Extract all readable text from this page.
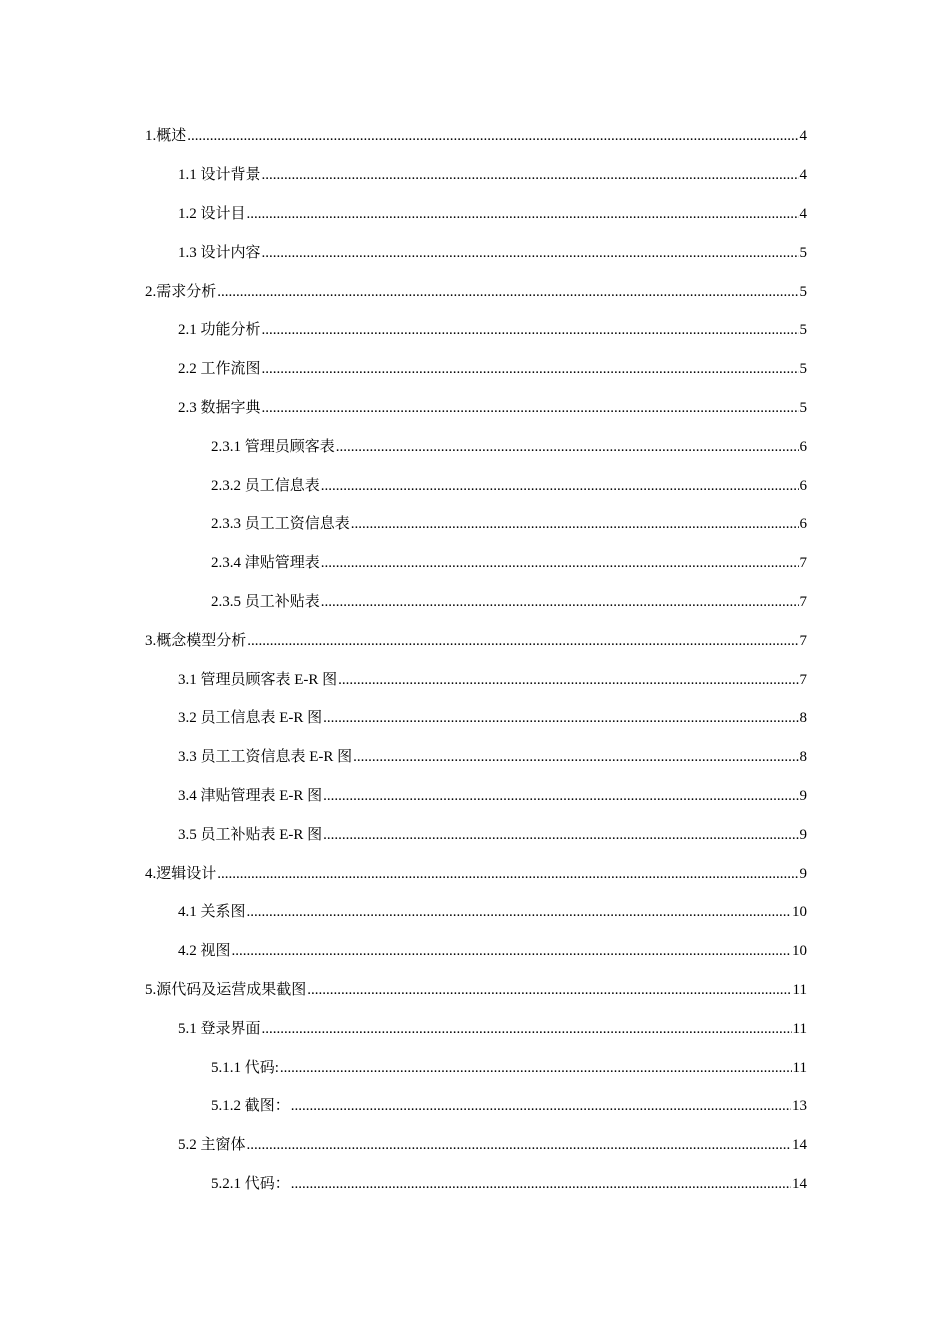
1.概述 .....	4
1.1 设计背景 .....	4
1.2 设计目 .....	4
1.3 设计内容 .....	5
2.需求分析 .....	5
2.1 功能分析 .....	5
2.2 工作流图 .....	5
2.3 数据字典 .....	5
2.3.1 管理员顾客表 .....	6
2.3.2 员工信息表 .....	6
2.3.3 员工工资信息表 .....	6
2.3.4 津贴管理表 .....	7
2.3.5 员工补贴表 .....	7
3.概念模型分析 .....	7
3.1 管理员顾客表 E-R 图 .....	7
3.2 员工信息表 E-R 图 .....	8
3.3 员工工资信息表 E-R 图 .....	8
3.4 津贴管理表 E-R 图 .....	9
3.5 员工补贴表 E-R 图 .....	9
4.逻辑设计 .....	9
4.1 关系图 .....	10
4.2 视图 .....	10
5.源代码及运营成果截图 .....	11
5.1 登录界面 .....	11
5.1.1 代码: .....	11
5.1.2 截图： .....	13
5.2 主窗体 .....	14
5.2.1 代码： .....	14
